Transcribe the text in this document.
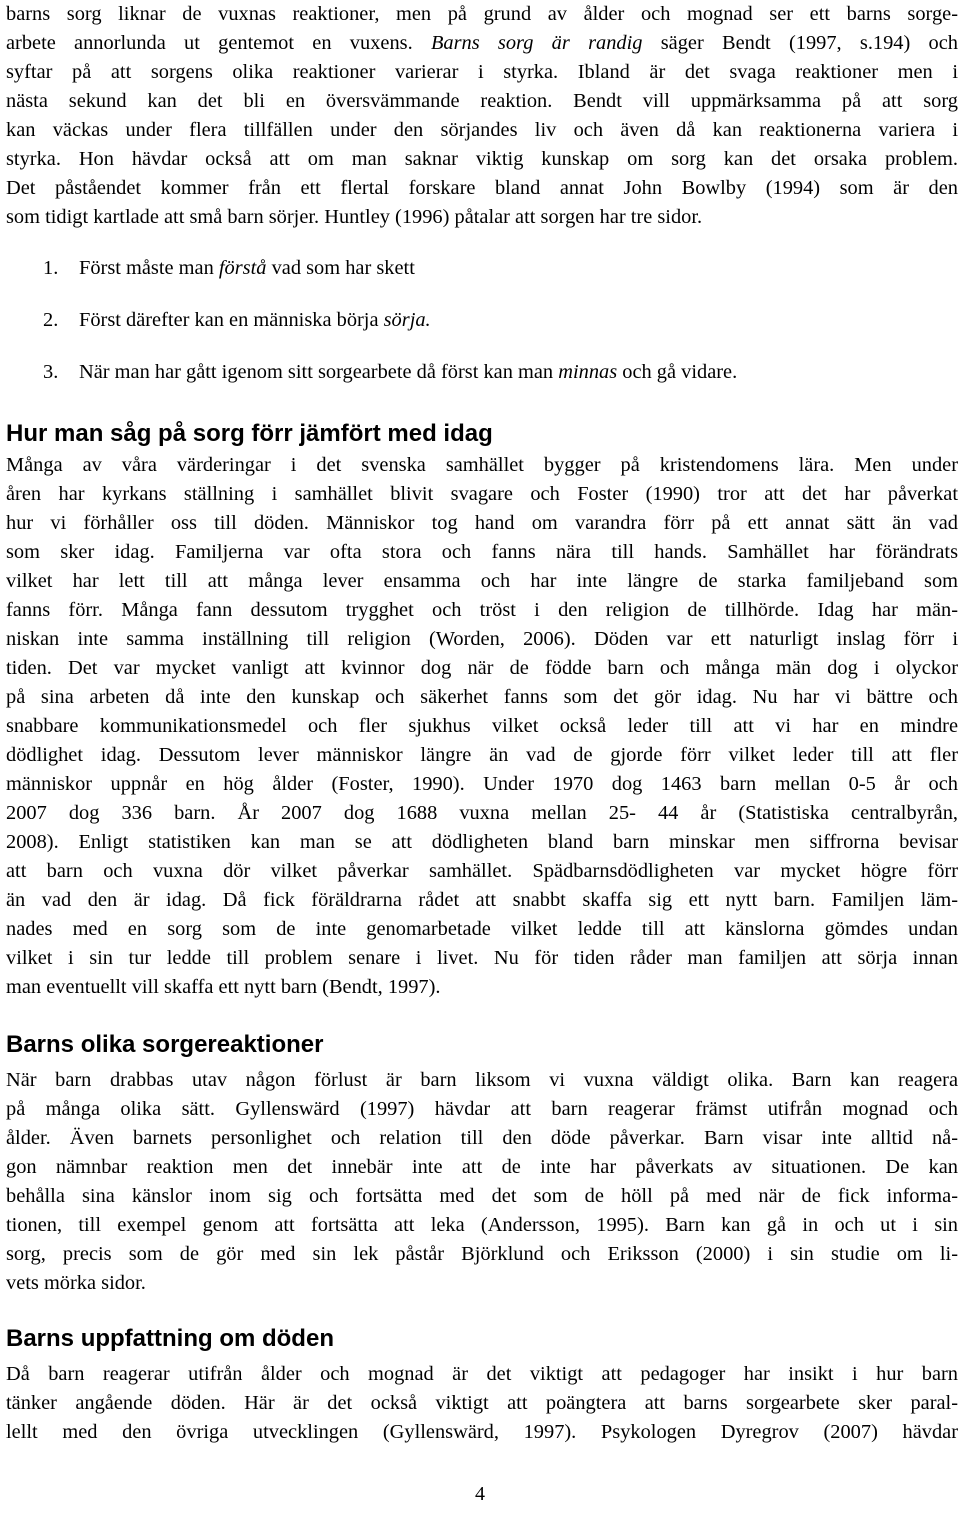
barns sorg liknar de vuxnas reaktioner, men på grund av ålder och mognad ser ett barns sorge-
arbete annorlunda ut gentemot en vuxens. Barns sorg är randig säger Bendt (1997, s.194) och
syftar på att sorgens olika reaktioner varierar i styrka. Ibland är det svaga reaktioner men i
nästa sekund kan det bli en översvämmande reaktion. Bendt vill uppmärksamma på att sorg
kan väckas under flera tillfällen under den sörjandes liv och även då kan reaktionerna variera i
styrka. Hon hävdar också att om man saknar viktig kunskap om sorg kan det orsaka problem.
Det påståendet kommer från ett flertal forskare bland annat John Bowlby (1994) som är den
som tidigt kartlade att små barn sörjer. Huntley (1996) påtalar att sorgen har tre sidor.
1. Först måste man förstå vad som har skett
2. Först därefter kan en människa börja sörja.
3. När man har gått igenom sitt sorgearbete då först kan man minnas och gå vidare.
Hur man såg på sorg förr jämfört med idag
Många av våra värderingar i det svenska samhället bygger på kristendomens lära. Men under
åren har kyrkans ställning i samhället blivit svagare och Foster (1990) tror att det har påverkat
hur vi förhåller oss till döden. Människor tog hand om varandra förr på ett annat sätt än vad
som sker idag. Familjerna var ofta stora och fanns nära till hands. Samhället har förändrats
vilket har lett till att många lever ensamma och har inte längre de starka familjeband som
fanns förr. Många fann dessutom trygghet och tröst i den religion de tillhörde. Idag har män-
niskan inte samma inställning till religion (Worden, 2006). Döden var ett naturligt inslag förr i
tiden. Det var mycket vanligt att kvinnor dog när de födde barn och många män dog i olyckor
på sina arbeten då inte den kunskap och säkerhet fanns som det gör idag. Nu har vi bättre och
snabbare kommunikationsmedel och fler sjukhus vilket också leder till att vi har en mindre
dödlighet idag. Dessutom lever människor längre än vad de gjorde förr vilket leder till att fler
människor uppnår en hög ålder (Foster, 1990). Under 1970 dog 1463 barn mellan 0-5 år och
2007 dog 336 barn. År 2007 dog 1688 vuxna mellan 25- 44 år (Statistiska centralbyrån,
2008). Enligt statistiken kan man se att dödligheten bland barn minskar men siffrorna bevisar
att barn och vuxna dör vilket påverkar samhället. Spädbarnsdödligheten var mycket högre förr
än vad den är idag. Då fick föräldrarna rådet att snabbt skaffa sig ett nytt barn. Familjen läm-
nades med en sorg som de inte genomarbetade vilket ledde till att känslorna gömdes undan
vilket i sin tur ledde till problem senare i livet. Nu för tiden råder man familjen att sörja innan
man eventuellt vill skaffa ett nytt barn (Bendt, 1997).
Barns olika sorgereaktioner
När barn drabbas utav någon förlust är barn liksom vi vuxna väldigt olika. Barn kan reagera
på många olika sätt. Gyllenswärd (1997) hävdar att barn reagerar främst utifrån mognad och
ålder. Även barnets personlighet och relation till den döde påverkar. Barn visar inte alltid nå-
gon nämnbar reaktion men det innebär inte att de inte har påverkats av situationen. De kan
behålla sina känslor inom sig och fortsätta med det som de höll på med när de fick informa-
tionen, till exempel genom att fortsätta att leka (Andersson, 1995). Barn kan gå in och ut i sin
sorg, precis som de gör med sin lek påstår Björklund och Eriksson (2000) i sin studie om li-
vets mörka sidor.
Barns uppfattning om döden
Då barn reagerar utifrån ålder och mognad är det viktigt att pedagoger har insikt i hur barn
tänker angående döden. Här är det också viktigt att poängtera att barns sorgearbete sker paral-
lellt med den övriga utvecklingen (Gyllenswärd, 1997). Psykologen Dyregrov (2007) hävdar
4
